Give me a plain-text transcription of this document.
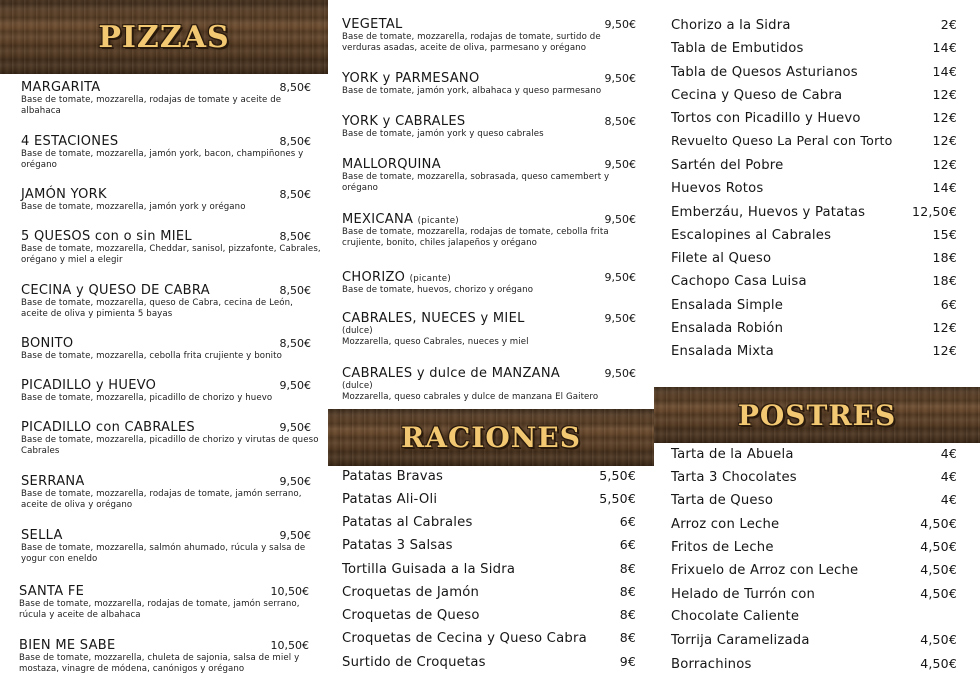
PIZZAS
MARGARITA	8,50€
Base de tomate, mozzarella, rodajas de tomate y aceite de albahaca
4 ESTACIONES	8,50€
Base de tomate, mozzarella, jamón york, bacon, champiñones y orégano
JAMÓN YORK	8,50€
Base de tomate, mozzarella, jamón york y orégano
5 QUESOS con o sin MIEL	8,50€
Base de tomate, mozzarella, Cheddar, sanisol, pizzafonte, Cabrales, orégano y miel a elegir
CECINA y QUESO DE CABRA	8,50€
Base de tomate, mozzarella, queso de Cabra, cecina de León, aceite de oliva y pimienta 5 bayas
BONITO	8,50€
Base de tomate, mozzarella, cebolla frita crujiente y bonito
PICADILLO y HUEVO	9,50€
Base de tomate, mozzarella, picadillo de chorizo y huevo
PICADILLO con CABRALES	9,50€
Base de tomate, mozzarella, picadillo de chorizo y virutas de queso Cabrales
SERRANA	9,50€
Base de tomate, mozzarella, rodajas de tomate, jamón serrano, aceite de oliva y orégano
SELLA	9,50€
Base de tomate, mozzarella, salmón ahumado, rúcula y salsa de yogur con eneldo
SANTA FE	10,50€
Base de tomate, mozzarella, rodajas de tomate, jamón serrano, rúcula y aceite de albahaca
BIEN ME SABE	10,50€
Base de tomate, mozzarella, chuleta de sajonia, salsa de miel y mostaza, vinagre de módena, canónigos y orégano
VEGETAL	9,50€
Base de tomate, mozzarella, rodajas de tomate, surtido de verduras asadas, aceite de oliva, parmesano y orégano
YORK y PARMESANO	9,50€
Base de tomate, jamón york, albahaca y queso parmesano
YORK y CABRALES	8,50€
Base de tomate, jamón york y queso cabrales
MALLORQUINA	9,50€
Base de tomate, mozzarella, sobrasada, queso camembert y orégano
MEXICANA (picante)	9,50€
Base de tomate, mozzarella, rodajas de tomate, cebolla frita crujiente, bonito, chiles jalapeños y orégano
CHORIZO (picante)	9,50€
Base de tomate, huevos, chorizo y orégano
CABRALES, NUECES y MIEL	9,50€
(dulce)
Mozzarella, queso Cabrales, nueces y miel
CABRALES y dulce de MANZANA	9,50€
(dulce)
Mozzarella, queso cabrales y dulce de manzana El Gaitero
RACIONES
Patatas Bravas	5,50€
Patatas Ali-Oli	5,50€
Patatas al Cabrales	6€
Patatas 3 Salsas	6€
Tortilla Guisada a la Sidra	8€
Croquetas de Jamón	8€
Croquetas de Queso	8€
Croquetas de Cecina y Queso Cabra	8€
Surtido de Croquetas	9€
Chorizo a la Sidra	2€
Tabla de Embutidos	14€
Tabla de Quesos Asturianos	14€
Cecina y Queso de Cabra	12€
Tortos con Picadillo y Huevo	12€
Revuelto Queso La Peral con Torto	12€
Sartén del Pobre	12€
Huevos Rotos	14€
Emberzáu, Huevos y Patatas	12,50€
Escalopines al Cabrales	15€
Filete al Queso	18€
Cachopo Casa Luisa	18€
Ensalada Simple	6€
Ensalada Robión	12€
Ensalada Mixta	12€
POSTRES
Tarta de la Abuela	4€
Tarta 3 Chocolates	4€
Tarta de Queso	4€
Arroz con Leche	4,50€
Fritos de Leche	4,50€
Frixuelo de Arroz con Leche	4,50€
Helado de Turrón con	4,50€
Chocolate Caliente
Torrija Caramelizada	4,50€
Borrachinos	4,50€
